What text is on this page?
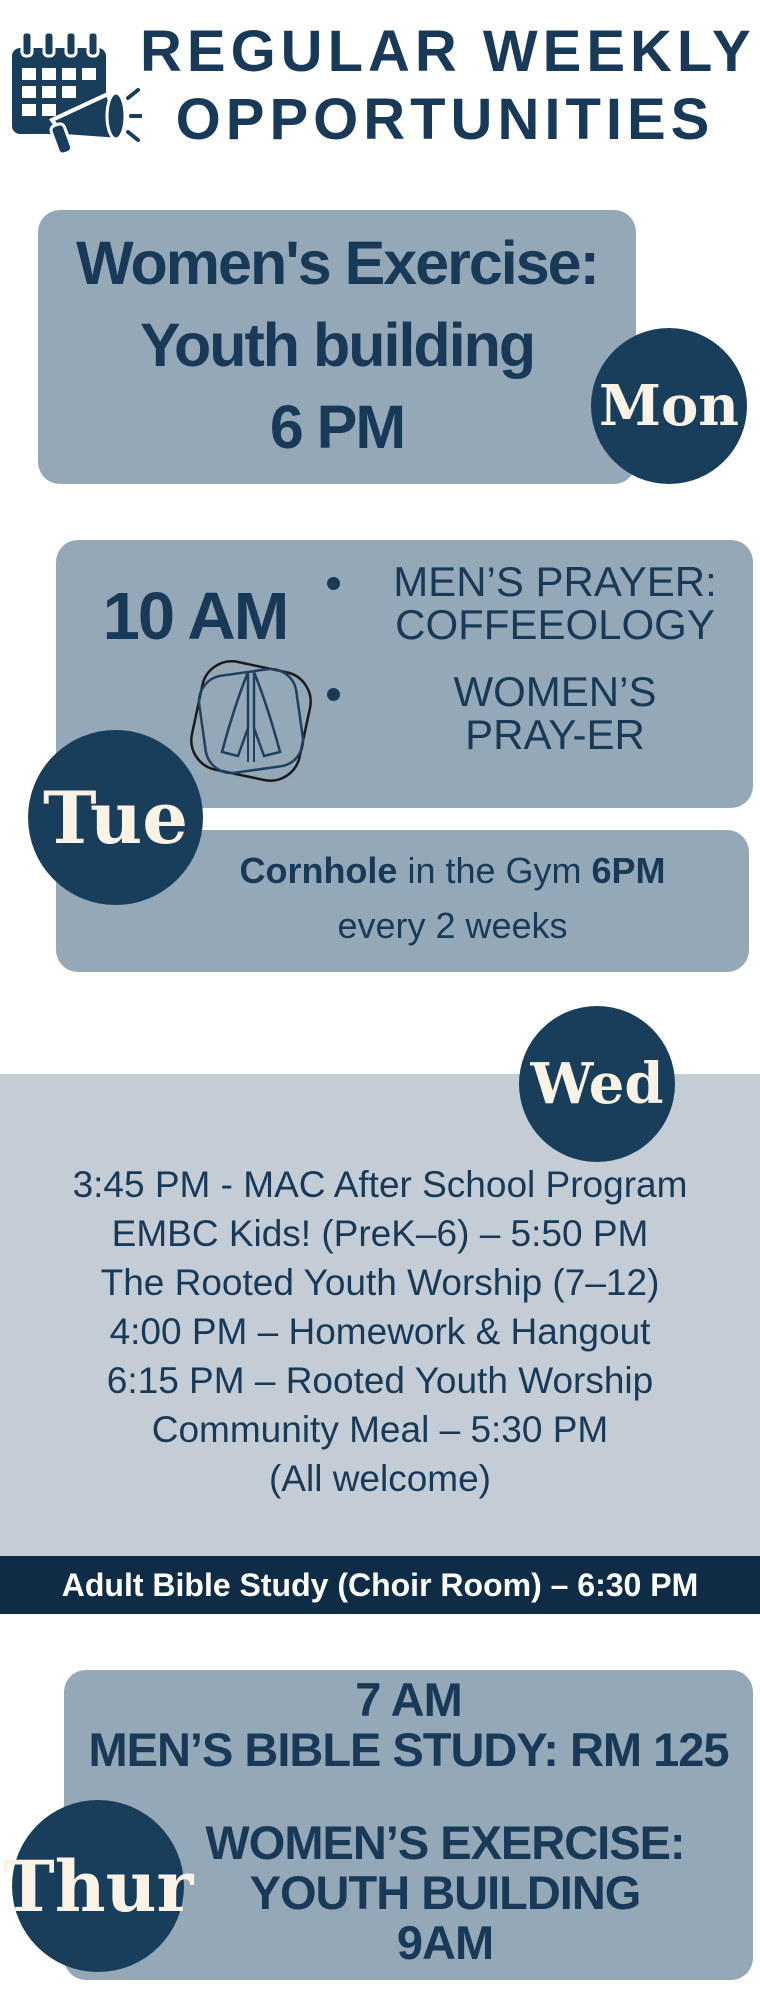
REGULAR WEEKLY
OPPORTUNITIES
Women's Exercise:
Youth building
6 PM	Mon
10 AM	MEN’S PRAYER:
COFFEEOLOGY
WOMEN’S
PRAY-ER
Cornhole in the Gym 6PM
every 2 weeks
Tue
Wed
3:45 PM - MAC After School Program
EMBC Kids! (PreK–6) – 5:50 PM
The Rooted Youth Worship (7–12)
4:00 PM – Homework & Hangout
6:15 PM – Rooted Youth Worship
Community Meal – 5:30 PM
(All welcome)
Adult Bible Study (Choir Room) – 6:30 PM
7 AM
MEN’S BIBLE STUDY: RM 125
WOMEN’S EXERCISE:
YOUTH BUILDING
9AM
Thur
